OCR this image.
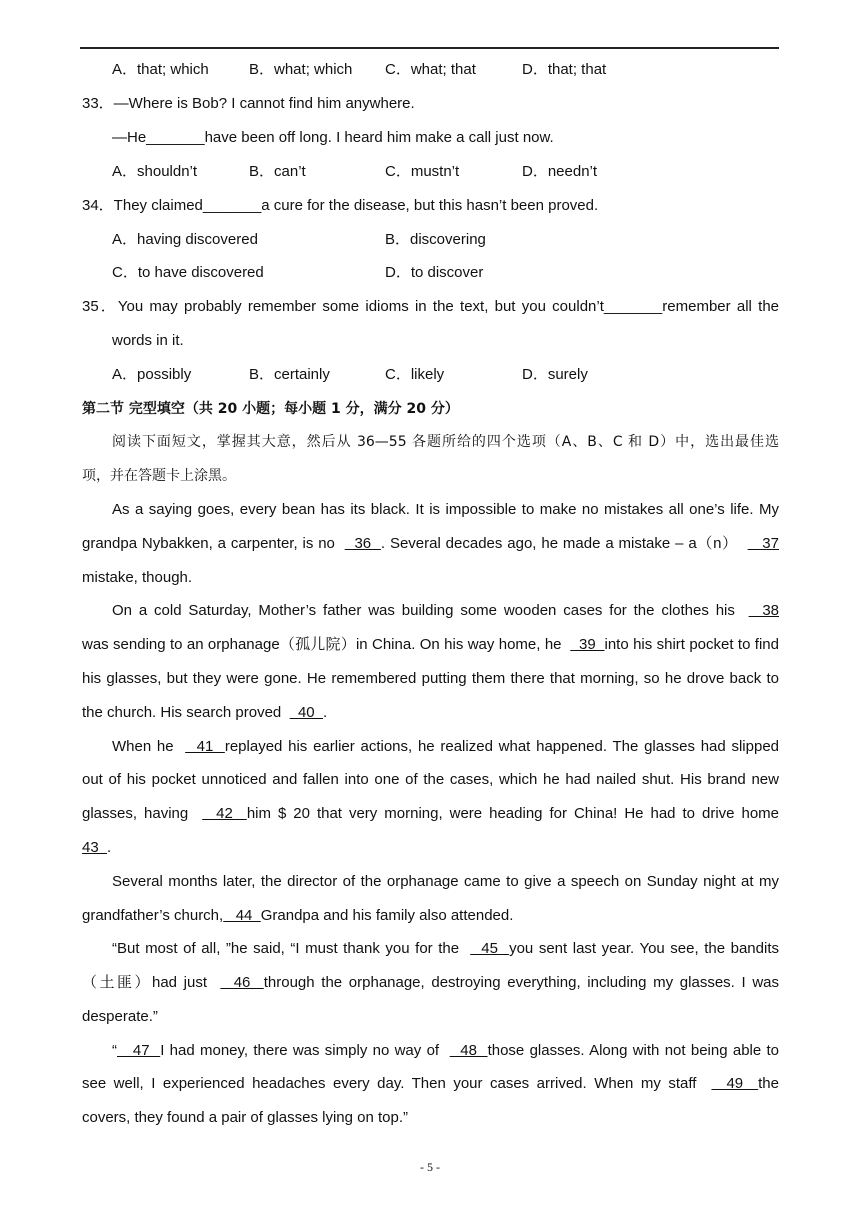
A．that; which	B．what; which C．what; that	D．that; that
33．—Where is Bob? I cannot find him anywhere.
—He_______have been off long. I heard him make a call just now.
A．shouldn’t	B．can’t	C．mustn’t	D．needn’t
34．They claimed_______a cure for the disease, but this hasn’t been proved.
A．having discovered	B．discovering
C．to have discovered	D．to discover
35．You may probably remember some idioms in the text, but you couldn’t_______remember all the
words in it.
A．possibly	B．certainly	C．likely	D．surely
第二节 完型填空（共 20 小题；每小题 1 分，满分 20 分）
阅读下面短文，掌握其大意，然后从 36—55 各题所给的四个选项（A、B、C 和 D）中，选出最佳选
项，并在答题卡上涂黑。
As a saying goes, every bean has its black. It is impossible to make no mistakes all one’s life. My
grandpa Nybakken, a carpenter, is no    36  . Several decades ago, he made a mistake – a（n）     37
mistake, though.
On a cold Saturday, Mother’s father was building some wooden cases for the clothes his    38
was sending to an orphanage（孤儿院）in China. On his way home, he    39  into his shirt pocket to find
his glasses, but they were gone. He remembered putting them there that morning, so he drove back to
the church. His search proved    40  .
When he    41  replayed his earlier actions, he realized what happened. The glasses had slipped
out of his pocket unnoticed and fallen into one of the cases, which he had nailed shut. His brand new
glasses, having    42  him $ 20 that very morning, were heading for China! He had to drive home
43  .
Several months later, the director of the orphanage came to give a speech on Sunday night at my
grandfather’s church,   44  Grandpa and his family also attended.
“But most of all, ”he said, “I must thank you for the    45  you sent last year. You see, the bandits
（土匪）had just    46  through the orphanage, destroying everything, including my glasses. I was
desperate.”
“   47  I had money, there was simply no way of    48  those glasses. Along with not being able to
see well, I experienced headaches every day. Then your cases arrived. When my staff    49  the
covers, they found a pair of glasses lying on top.”
- 5 -
